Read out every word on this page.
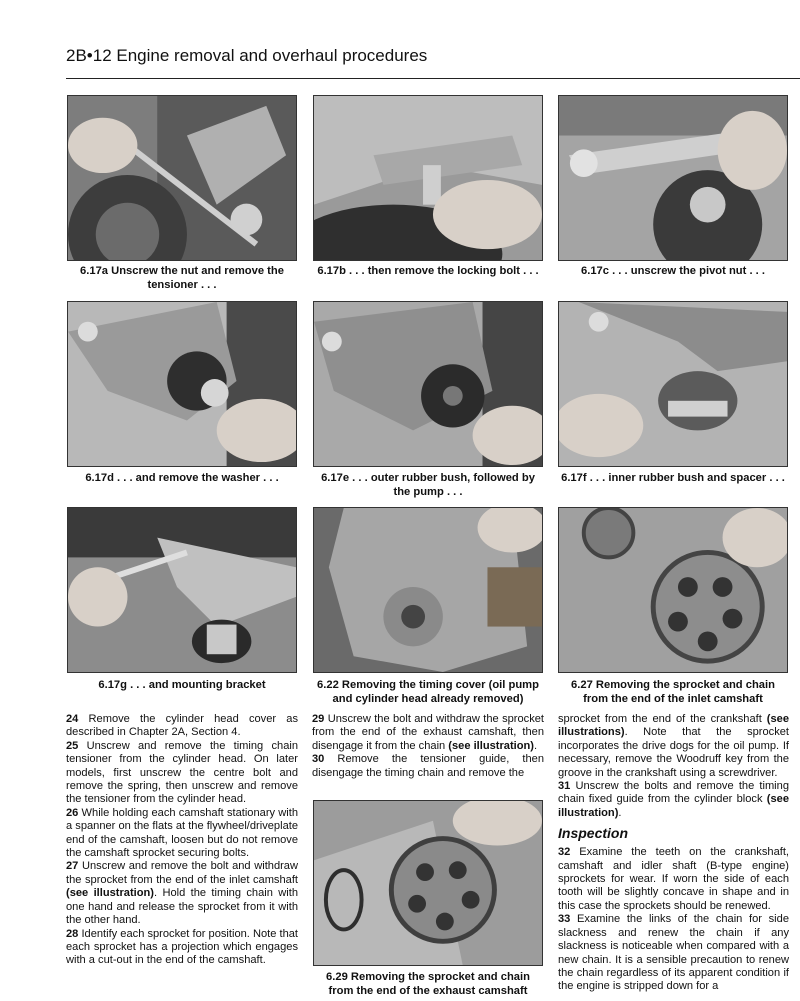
2B•12 Engine removal and overhaul procedures
6.17a Unscrew the nut and remove the tensioner . . .
6.17b . . . then remove the locking bolt . . .	6.17c . . . unscrew the pivot nut . . .
6.17d . . . and remove the washer . . .	6.17e . . . outer rubber bush, followed by the pump . . .
6.17f . . . inner rubber bush and spacer . . .
6.17g . . . and mounting bracket	6.22 Removing the timing cover (oil pump and cylinder head already removed)
6.27 Removing the sprocket and chain from the end of the inlet camshaft

24 Remove the cylinder head cover as described in Chapter 2A, Section 4.

25 Unscrew and remove the timing chain tensioner from the cylinder head. On later models, first unscrew the centre bolt and remove the spring, then unscrew and remove the tensioner from the cylinder head.

26 While holding each camshaft stationary with a spanner on the flats at the flywheel/driveplate end of the camshaft, loosen but do not remove the camshaft sprocket securing bolts.

27 Unscrew and remove the bolt and withdraw the sprocket from the end of the inlet camshaft (see illustration). Hold the timing chain with one hand and release the sprocket from it with the other hand.

28 Identify each sprocket for position. Note that each sprocket has a projection which engages with a cut-out in the end of the camshaft.

29 Unscrew the bolt and withdraw the sprocket from the end of the exhaust camshaft, then disengage it from the chain (see illustration).

30 Remove the tensioner guide, then disengage the timing chain and remove the

6.29 Removing the sprocket and chain from the end of the exhaust camshaft

sprocket from the end of the crankshaft (see illustrations). Note that the sprocket incorporates the drive dogs for the oil pump. If necessary, remove the Woodruff key from the groove in the crankshaft using a screwdriver.

31 Unscrew the bolts and remove the timing chain fixed guide from the cylinder block (see illustration).

Inspection

32 Examine the teeth on the crankshaft, camshaft and idler shaft (B-type engine) sprockets for wear. If worn the side of each tooth will be slightly concave in shape and in this case the sprockets should be renewed.

33 Examine the links of the chain for side slackness and renew the chain if any slackness is noticeable when compared with a new chain. It is a sensible precaution to renew the chain regardless of its apparent condition if the engine is stripped down for a
